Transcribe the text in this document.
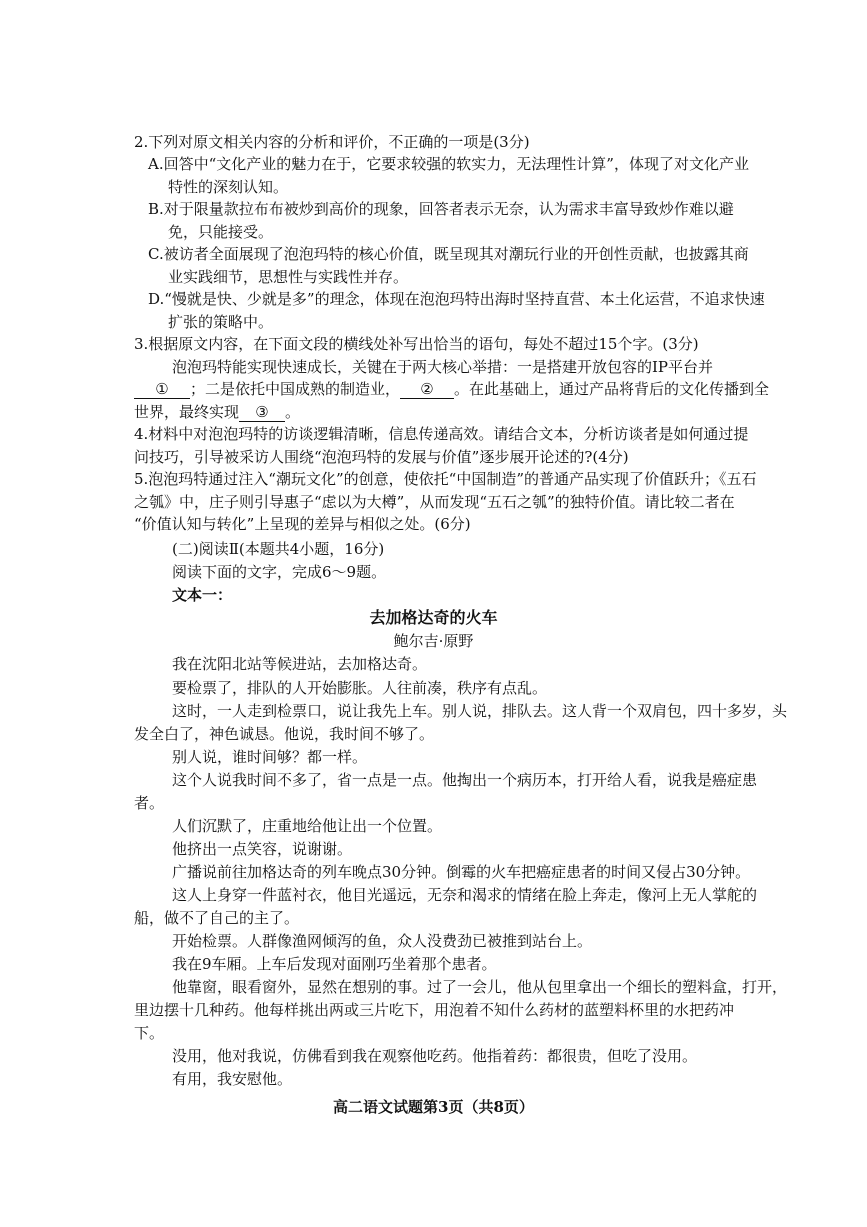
2.下列对原文相关内容的分析和评价，不正确的一项是(3分)
A.回答中“文化产业的魅力在于，它要求较强的软实力，无法理性计算”，体现了对文化产业
特性的深刻认知。
B.对于限量款拉布布被炒到高价的现象，回答者表示无奈，认为需求丰富导致炒作难以避
免，只能接受。
C.被访者全面展现了泡泡玛特的核心价值，既呈现其对潮玩行业的开创性贡献，也披露其商
业实践细节，思想性与实践性并存。
D.“慢就是快、少就是多”的理念，体现在泡泡玛特出海时坚持直营、本土化运营，不追求快速
扩张的策略中。
3.根据原文内容，在下面文段的横线处补写出恰当的语句，每处不超过15个字。(3分)
泡泡玛特能实现快速成长，关键在于两大核心举措：一是搭建开放包容的IP平台并
① ；二是依托中国成熟的制造业， ② 。在此基础上，通过产品将背后的文化传播到全
世界，最终实现 ③ 。
4.材料中对泡泡玛特的访谈逻辑清晰，信息传递高效。请结合文本，分析访谈者是如何通过提
问技巧，引导被采访人围绕“泡泡玛特的发展与价值”逐步展开论述的?(4分)
5.泡泡玛特通过注入“潮玩文化”的创意，使依托“中国制造”的普通产品实现了价值跃升；《五石
之瓠》中，庄子则引导惠子“虑以为大樽”，从而发现“五石之瓠”的独特价值。请比较二者在
“价值认知与转化”上呈现的差异与相似之处。(6分)
(二)阅读Ⅱ(本题共4小题，16分)
阅读下面的文字，完成6～9题。
文本一：
去加格达奇的火车
鲍尔吉·原野
我在沈阳北站等候进站，去加格达奇。
要检票了，排队的人开始膨胀。人往前凑，秩序有点乱。
这时，一人走到检票口，说让我先上车。别人说，排队去。这人背一个双肩包，四十多岁，头
发全白了，神色诚恳。他说，我时间不够了。
别人说，谁时间够？都一样。
这个人说我时间不多了，省一点是一点。他掏出一个病历本，打开给人看，说我是癌症患
者。
人们沉默了，庄重地给他让出一个位置。
他挤出一点笑容，说谢谢。
广播说前往加格达奇的列车晚点30分钟。倒霉的火车把癌症患者的时间又侵占30分钟。
这人上身穿一件蓝衬衣，他目光遥远，无奈和渴求的情绪在脸上奔走，像河上无人掌舵的
船，做不了自己的主了。
开始检票。人群像渔网倾泻的鱼，众人没费劲已被推到站台上。
我在9车厢。上车后发现对面刚巧坐着那个患者。
他靠窗，眼看窗外，显然在想别的事。过了一会儿，他从包里拿出一个细长的塑料盒，打开，
里边摆十几种药。他每样挑出两或三片吃下，用泡着不知什么药材的蓝塑料杯里的水把药冲
下。
没用，他对我说，仿佛看到我在观察他吃药。他指着药：都很贵，但吃了没用。
有用，我安慰他。
高二语文试题第3页（共8页）
